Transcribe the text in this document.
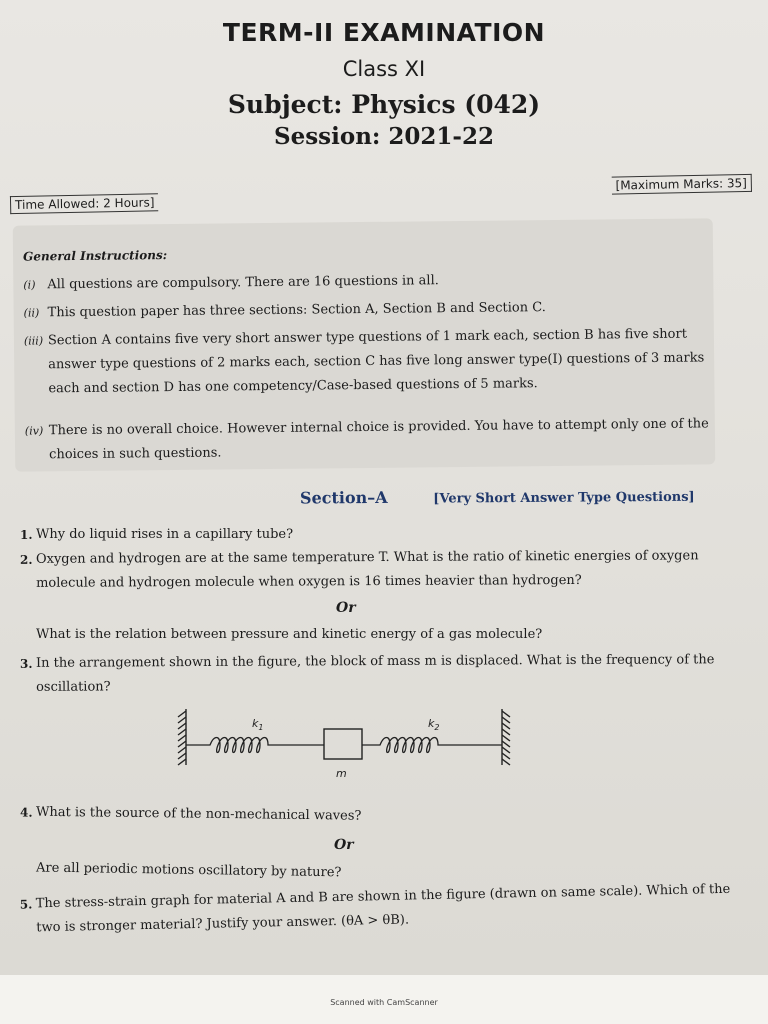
TERM-II EXAMINATION
Class XI
Subject: Physics (042)
Session: 2021-22
Time Allowed: 2 Hours]
[Maximum Marks: 35]
General Instructions:
(i) All questions are compulsory. There are 16 questions in all.
(ii) This question paper has three sections: Section A, Section B and Section C.
(iii) Section A contains five very short answer type questions of 1 mark each, section B has five short answer type questions of 2 marks each, section C has five long answer type(I) questions of 3 marks each and section D has one competency/Case-based questions of 5 marks.
(iv) There is no overall choice. However internal choice is provided. You have to attempt only one of the choices in such questions.
Section–A	[Very Short Answer Type Questions]
1. Why do liquid rises in a capillary tube?
2. Oxygen and hydrogen are at the same temperature T. What is the ratio of kinetic energies of oxygen molecule and hydrogen molecule when oxygen is 16 times heavier than hydrogen?
Or
What is the relation between pressure and kinetic energy of a gas molecule?
3. In the arrangement shown in the figure, the block of mass m is displaced. What is the frequency of the oscillation?
$k_1$	$k_2$
m
4. What is the source of the non-mechanical waves?
Or
Are all periodic motions oscillatory by nature?
5. The stress-strain graph for material A and B are shown in the figure (drawn on same scale). Which of the two is stronger material? Justify your answer. (θA > θB).
Scanned with CamScanner
